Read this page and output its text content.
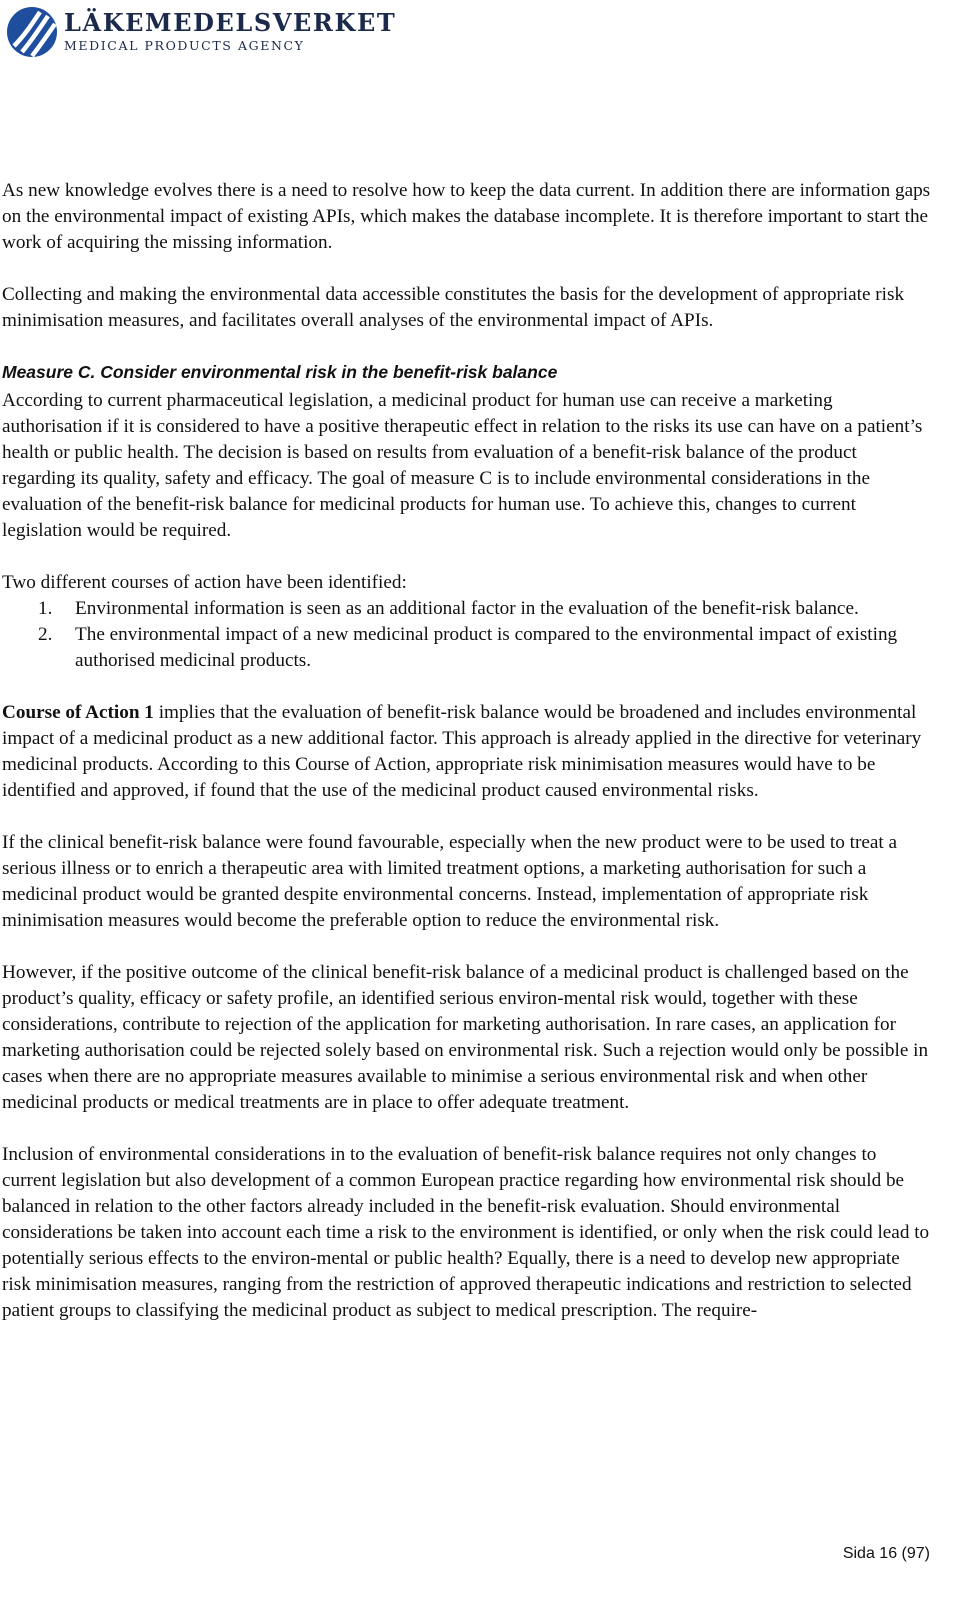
LÄKEMEDELSVERKET
MEDICAL PRODUCTS AGENCY

As new knowledge evolves there is a need to resolve how to keep the data current. In addition there are information gaps on the environmental impact of existing APIs, which makes the database incomplete. It is therefore important to start the work of acquiring the missing information.

Collecting and making the environmental data accessible constitutes the basis for the development of appropriate risk minimisation measures, and facilitates overall analyses of the environmental impact of APIs.

Measure C. Consider environmental risk in the benefit-risk balance

According to current pharmaceutical legislation, a medicinal product for human use can receive a marketing authorisation if it is considered to have a positive therapeutic effect in relation to the risks its use can have on a patient’s health or public health. The decision is based on results from evaluation of a benefit-risk balance of the product regarding its quality, safety and efficacy. The goal of measure C is to include environmental considerations in the evaluation of the benefit-risk balance for medicinal products for human use. To achieve this, changes to current legislation would be required.

Two different courses of action have been identified:

1. Environmental information is seen as an additional factor in the evaluation of the benefit-risk balance.
2. The environmental impact of a new medicinal product is compared to the environmental impact of existing authorised medicinal products.

Course of Action 1 implies that the evaluation of benefit-risk balance would be broadened and includes environmental impact of a medicinal product as a new additional factor. This approach is already applied in the directive for veterinary medicinal products. According to this Course of Action, appropriate risk minimisation measures would have to be identified and approved, if found that the use of the medicinal product caused environmental risks.

If the clinical benefit-risk balance were found favourable, especially when the new product were to be used to treat a serious illness or to enrich a therapeutic area with limited treatment options, a marketing authorisation for such a medicinal product would be granted despite environmental concerns. Instead, implementation of appropriate risk minimisation measures would become the preferable option to reduce the environmental risk.

However, if the positive outcome of the clinical benefit-risk balance of a medicinal product is challenged based on the product’s quality, efficacy or safety profile, an identified serious environ-mental risk would, together with these considerations, contribute to rejection of the application for marketing authorisation. In rare cases, an application for marketing authorisation could be rejected solely based on environmental risk. Such a rejection would only be possible in cases when there are no appropriate measures available to minimise a serious environmental risk and when other medicinal products or medical treatments are in place to offer adequate treatment.

Inclusion of environmental considerations in to the evaluation of benefit-risk balance requires not only changes to current legislation but also development of a common European practice regarding how environmental risk should be balanced in relation to the other factors already included in the benefit-risk evaluation. Should environmental considerations be taken into account each time a risk to the environment is identified, or only when the risk could lead to potentially serious effects to the environ-mental or public health? Equally, there is a need to develop new appropriate risk minimisation measures, ranging from the restriction of approved therapeutic indications and restriction to selected patient groups to classifying the medicinal product as subject to medical prescription. The require-

Sida 16 (97)
